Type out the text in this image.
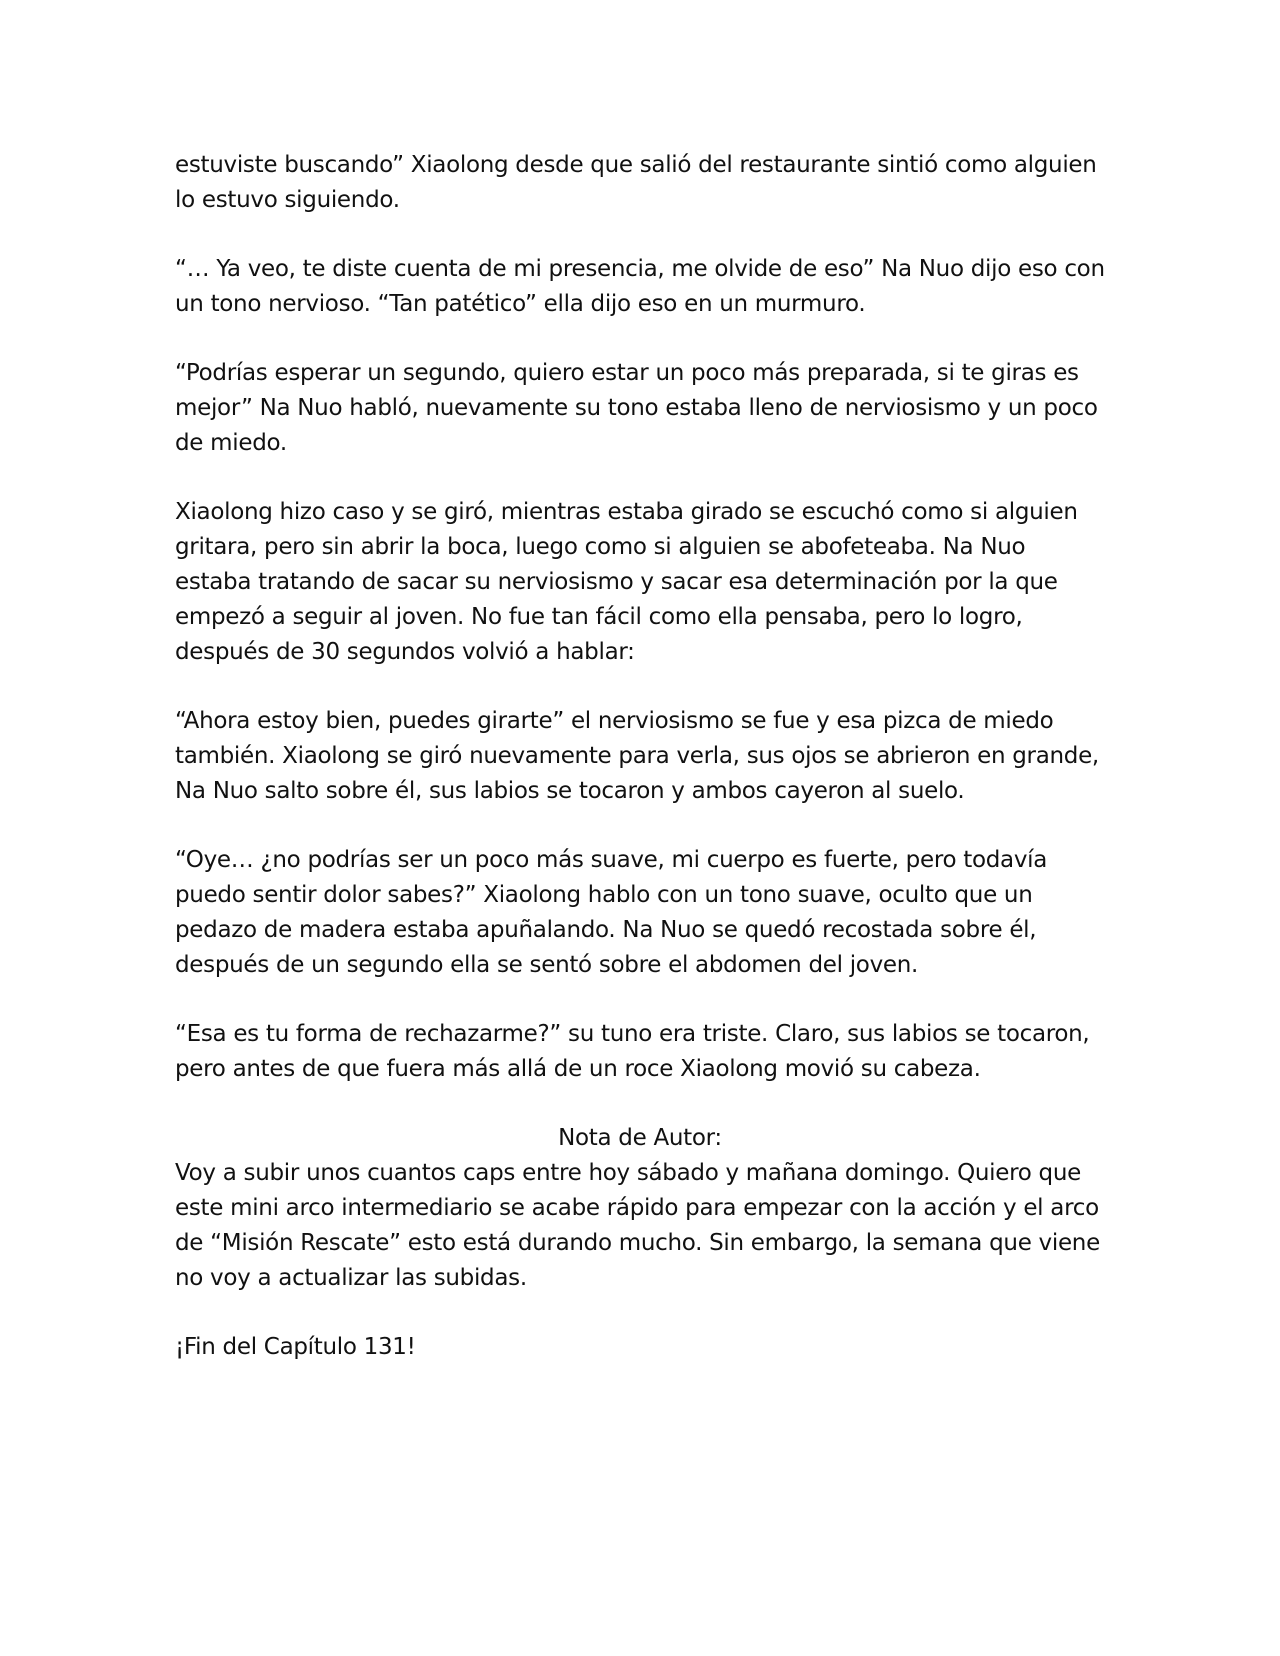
estuviste buscando” Xiaolong desde que salió del restaurante sintió como alguien lo estuvo siguiendo.

“… Ya veo, te diste cuenta de mi presencia, me olvide de eso” Na Nuo dijo eso con un tono nervioso. “Tan patético” ella dijo eso en un murmuro.

“Podrías esperar un segundo, quiero estar un poco más preparada, si te giras es mejor” Na Nuo habló, nuevamente su tono estaba lleno de nerviosismo y un poco de miedo.

Xiaolong hizo caso y se giró, mientras estaba girado se escuchó como si alguien gritara, pero sin abrir la boca, luego como si alguien se abofeteaba. Na Nuo estaba tratando de sacar su nerviosismo y sacar esa determinación por la que empezó a seguir al joven. No fue tan fácil como ella pensaba, pero lo logro, después de 30 segundos volvió a hablar:

“Ahora estoy bien, puedes girarte” el nerviosismo se fue y esa pizca de miedo también. Xiaolong se giró nuevamente para verla, sus ojos se abrieron en grande, Na Nuo salto sobre él, sus labios se tocaron y ambos cayeron al suelo.

“Oye… ¿no podrías ser un poco más suave, mi cuerpo es fuerte, pero todavía puedo sentir dolor sabes?” Xiaolong hablo con un tono suave, oculto que un pedazo de madera estaba apuñalando. Na Nuo se quedó recostada sobre él, después de un segundo ella se sentó sobre el abdomen del joven.

“Esa es tu forma de rechazarme?” su tuno era triste. Claro, sus labios se tocaron, pero antes de que fuera más allá de un roce Xiaolong movió su cabeza.

Nota de Autor:

Voy a subir unos cuantos caps entre hoy sábado y mañana domingo. Quiero que este mini arco intermediario se acabe rápido para empezar con la acción y el arco de “Misión Rescate” esto está durando mucho. Sin embargo, la semana que viene no voy a actualizar las subidas.

¡Fin del Capítulo 131!
